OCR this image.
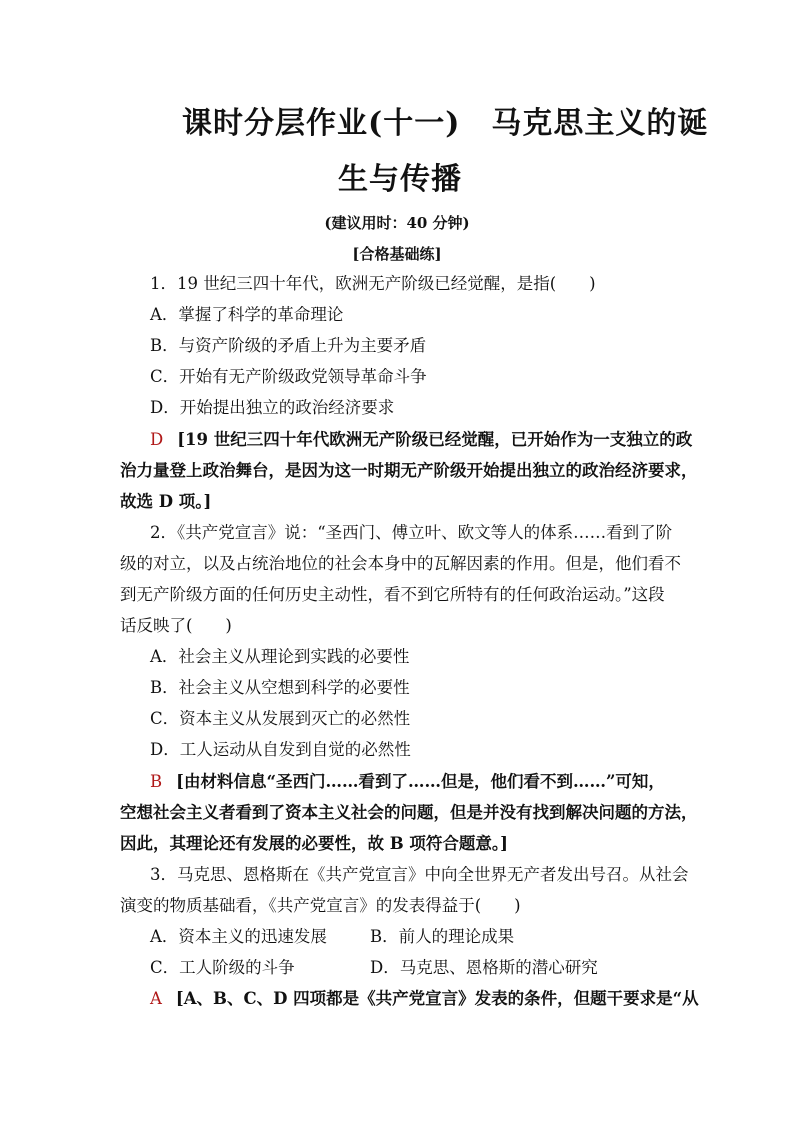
课时分层作业(十一)　马克思主义的诞
生与传播
(建议用时：40 分钟)
[合格基础练]
1．19 世纪三四十年代，欧洲无产阶级已经觉醒，是指(　　)
A．掌握了科学的革命理论
B．与资产阶级的矛盾上升为主要矛盾
C．开始有无产阶级政党领导革命斗争
D．开始提出独立的政治经济要求
D [19 世纪三四十年代欧洲无产阶级已经觉醒，已开始作为一支独立的政
治力量登上政治舞台，是因为这一时期无产阶级开始提出独立的政治经济要求，
故选 D 项。]
2．《共产党宣言》说：“圣西门、傅立叶、欧文等人的体系……看到了阶
级的对立，以及占统治地位的社会本身中的瓦解因素的作用。但是，他们看不
到无产阶级方面的任何历史主动性，看不到它所特有的任何政治运动。”这段
话反映了(　　)
A．社会主义从理论到实践的必要性
B．社会主义从空想到科学的必要性
C．资本主义从发展到灭亡的必然性
D．工人运动从自发到自觉的必然性
B [由材料信息“圣西门……看到了……但是，他们看不到……”可知，
空想社会主义者看到了资本主义社会的问题，但是并没有找到解决问题的方法，
因此，其理论还有发展的必要性，故 B 项符合题意。]
3．马克思、恩格斯在《共产党宣言》中向全世界无产者发出号召。从社会
演变的物质基础看，《共产党宣言》的发表得益于(　　)
A．资本主义的迅速发展	B．前人的理论成果
C．工人阶级的斗争	D．马克思、恩格斯的潜心研究
A [A、B、C、D 四项都是《共产党宣言》发表的条件，但题干要求是“从
